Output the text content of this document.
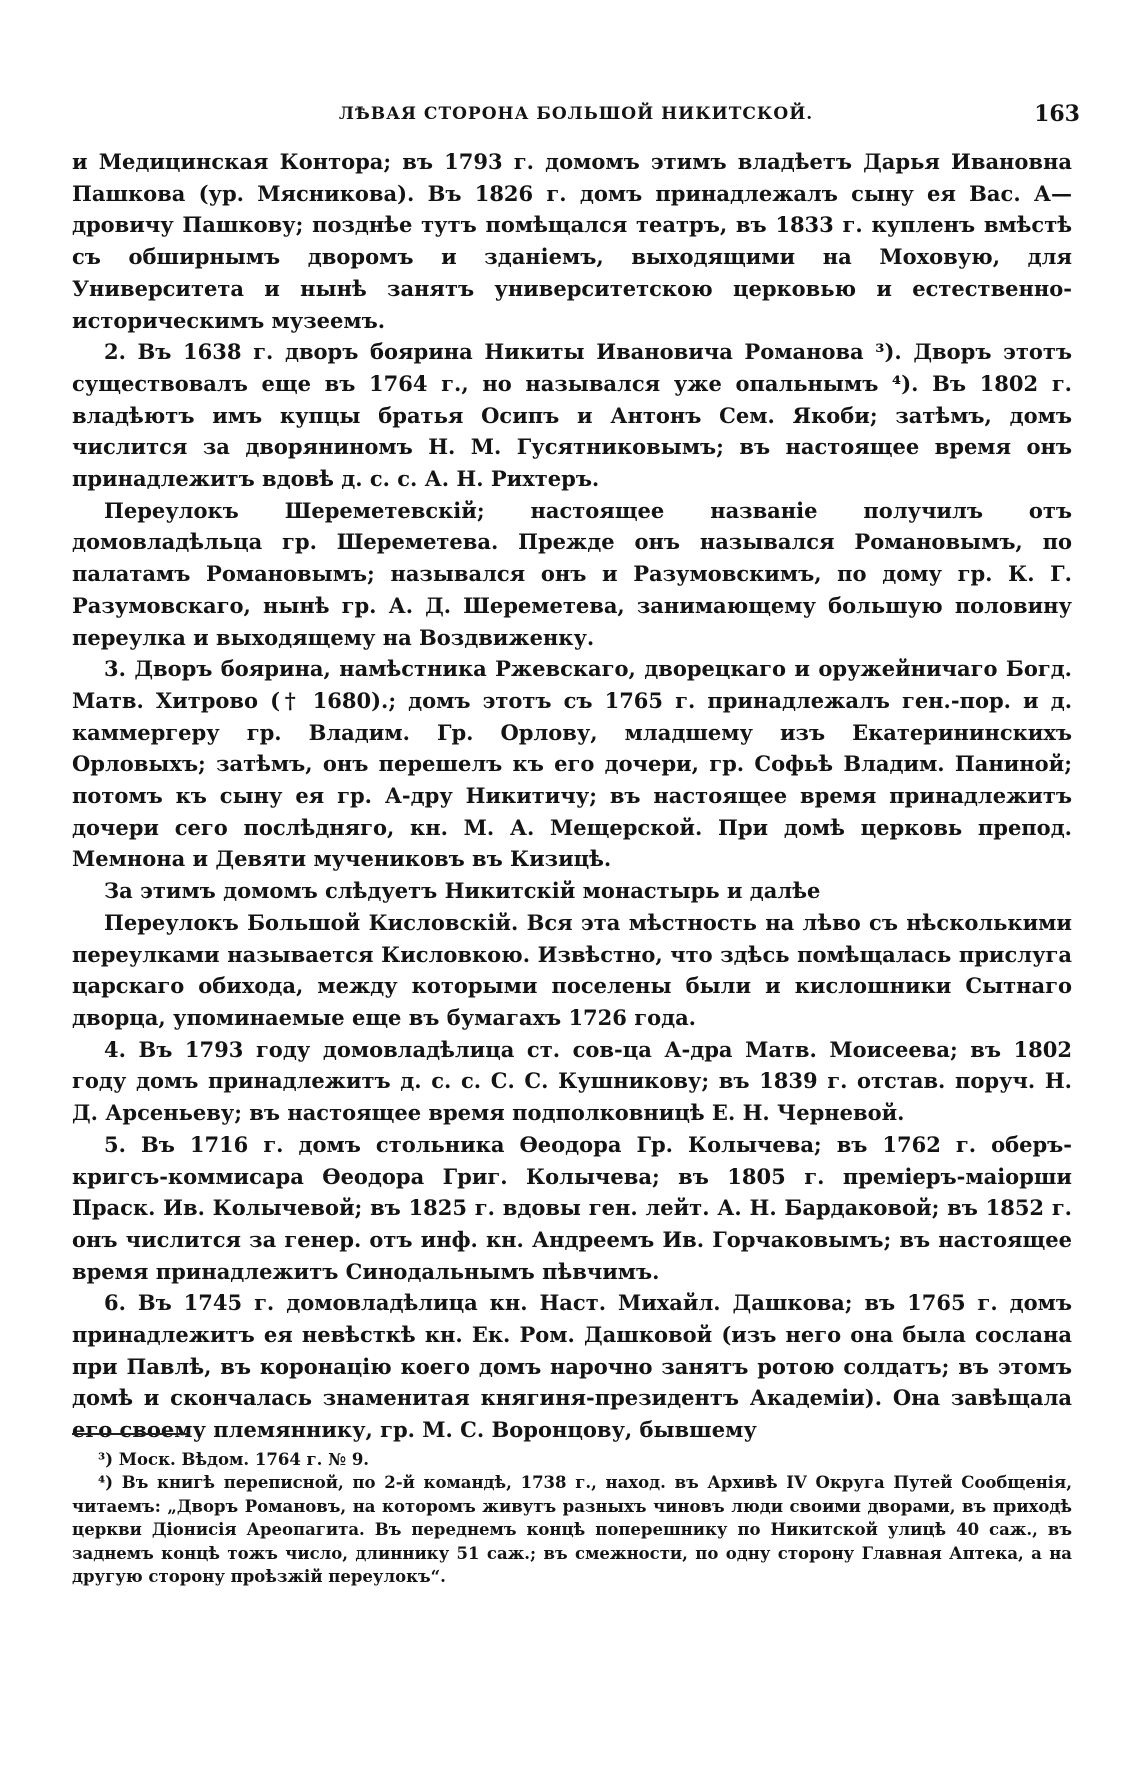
ЛѢВАЯ СТОРОНА БОЛЬШОЙ НИКИТСКОЙ.	163

и Медицинская Контора; въ 1793 г. домомъ этимъ владѣетъ Дарья Ивановна Пашкова (ур. Мясникова). Въ 1826 г. домъ принадлежалъ сыну ея Вас. А—дровичу Пашкову; позднѣе тутъ помѣщался театръ, въ 1833 г. купленъ вмѣстѣ съ обширнымъ дворомъ и зданіемъ, выходящими на Моховую, для Университета и нынѣ занятъ университетскою церковью и естественно-историческимъ музеемъ.

2. Въ 1638 г. дворъ боярина Никиты Ивановича Романова ³). Дворъ этотъ существовалъ еще въ 1764 г., но назывался уже опальнымъ ⁴). Въ 1802 г. владѣютъ имъ купцы братья Осипъ и Антонъ Сем. Якоби; затѣмъ, домъ числится за дворяниномъ Н. М. Гусятниковымъ; въ настоящее время онъ принадлежитъ вдовѣ д. с. с. А. Н. Рихтеръ.

Переулокъ Шереметевскій; настоящее названіе получилъ отъ домовладѣльца гр. Шереметева. Прежде онъ назывался Романовымъ, по палатамъ Романовымъ; назывался онъ и Разумовскимъ, по дому гр. К. Г. Разумовскаго, нынѣ гр. А. Д. Шереметева, занимающему большую половину переулка и выходящему на Воздвиженку.

3. Дворъ боярина, намѣстника Ржевскаго, дворецкаго и оружейничаго Богд. Матв. Хитрово († 1680).; домъ этотъ съ 1765 г. принадлежалъ ген.-пор. и д. каммергеру гр. Владим. Гр. Орлову, младшему изъ Екатерининскихъ Орловыхъ; затѣмъ, онъ перешелъ къ его дочери, гр. Софьѣ Владим. Паниной; потомъ къ сыну ея гр. А-дру Никитичу; въ настоящее время принадлежитъ дочери сего послѣдняго, кн. М. А. Мещерской. При домѣ церковь препод. Мемнона и Девяти мучениковъ въ Кизицѣ.

За этимъ домомъ слѣдуетъ Никитскій монастырь и далѣе

Переулокъ Большой Кисловскій. Вся эта мѣстность на лѣво съ нѣсколькими переулками называется Кисловкою. Извѣстно, что здѣсь помѣщалась прислуга царскаго обихода, между которыми поселены были и кислошники Сытнаго дворца, упоминаемые еще въ бумагахъ 1726 года.

4. Въ 1793 году домовладѣлица ст. сов-ца А-дра Матв. Моисеева; въ 1802 году домъ принадлежитъ д. с. с. С. С. Кушникову; въ 1839 г. отстав. поруч. Н. Д. Арсеньеву; въ настоящее время подполковницѣ Е. Н. Черневой.

5. Въ 1716 г. домъ стольника Ѳеодора Гр. Колычева; въ 1762 г. оберъ-кригсъ-коммисара Ѳеодора Григ. Колычева; въ 1805 г. премiеръ-маiорши Праск. Ив. Колычевой; въ 1825 г. вдовы ген. лейт. А. Н. Бардаковой; въ 1852 г. онъ числится за генер. отъ инф. кн. Андреемъ Ив. Горчаковымъ; въ настоящее время принадлежитъ Синодальнымъ пѣвчимъ.

6. Въ 1745 г. домовладѣлица кн. Наст. Михайл. Дашкова; въ 1765 г. домъ принадлежитъ ея невѣсткѣ кн. Ек. Ром. Дашковой (изъ него она была сослана при Павлѣ, въ коронацію коего домъ нарочно занятъ ротою солдатъ; въ этомъ домѣ и скончалась знаменитая княгиня-президентъ Академіи). Она завѣщала его своему племяннику, гр. М. С. Воронцову, бывшему

³) Моск. Вѣдом. 1764 г. № 9.

⁴) Въ книгѣ переписной, по 2-й командѣ, 1738 г., наход. въ Архивѣ IV Округа Путей Сообщенія, читаемъ: „Дворъ Романовъ, на которомъ живутъ разныхъ чиновъ люди своими дворами, въ приходѣ церкви Діонисія Ареопагита. Въ переднемъ концѣ поперешнику по Никитской улицѣ 40 саж., въ заднемъ концѣ тожъ число, длиннику 51 саж.; въ смежности, по одну сторону Главная Аптека, а на другую сторону проѣзжій переулокъ“.
